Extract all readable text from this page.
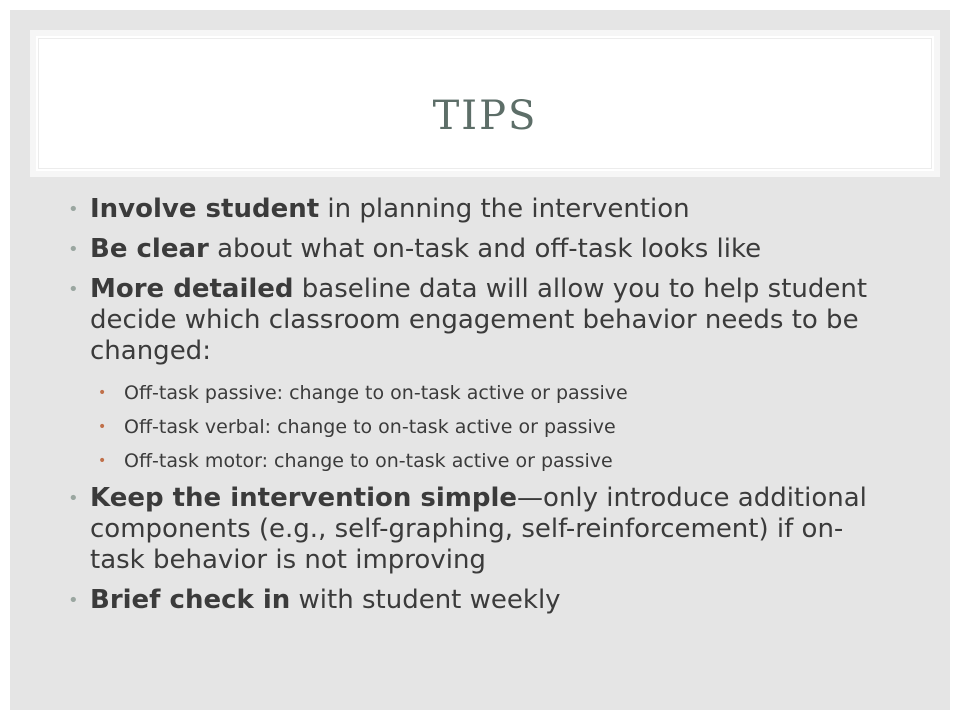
TIPS
• Involve student in planning the intervention
• Be clear about what on-task and off-task looks like
• More detailed baseline data will allow you to help student decide which classroom engagement behavior needs to be changed:
• Off-task passive: change to on-task active or passive
• Off-task verbal: change to on-task active or passive
• Off-task motor: change to on-task active or passive
• Keep the intervention simple—only introduce additional components (e.g., self-graphing, self-reinforcement) if on-task behavior is not improving
• Brief check in with student weekly
